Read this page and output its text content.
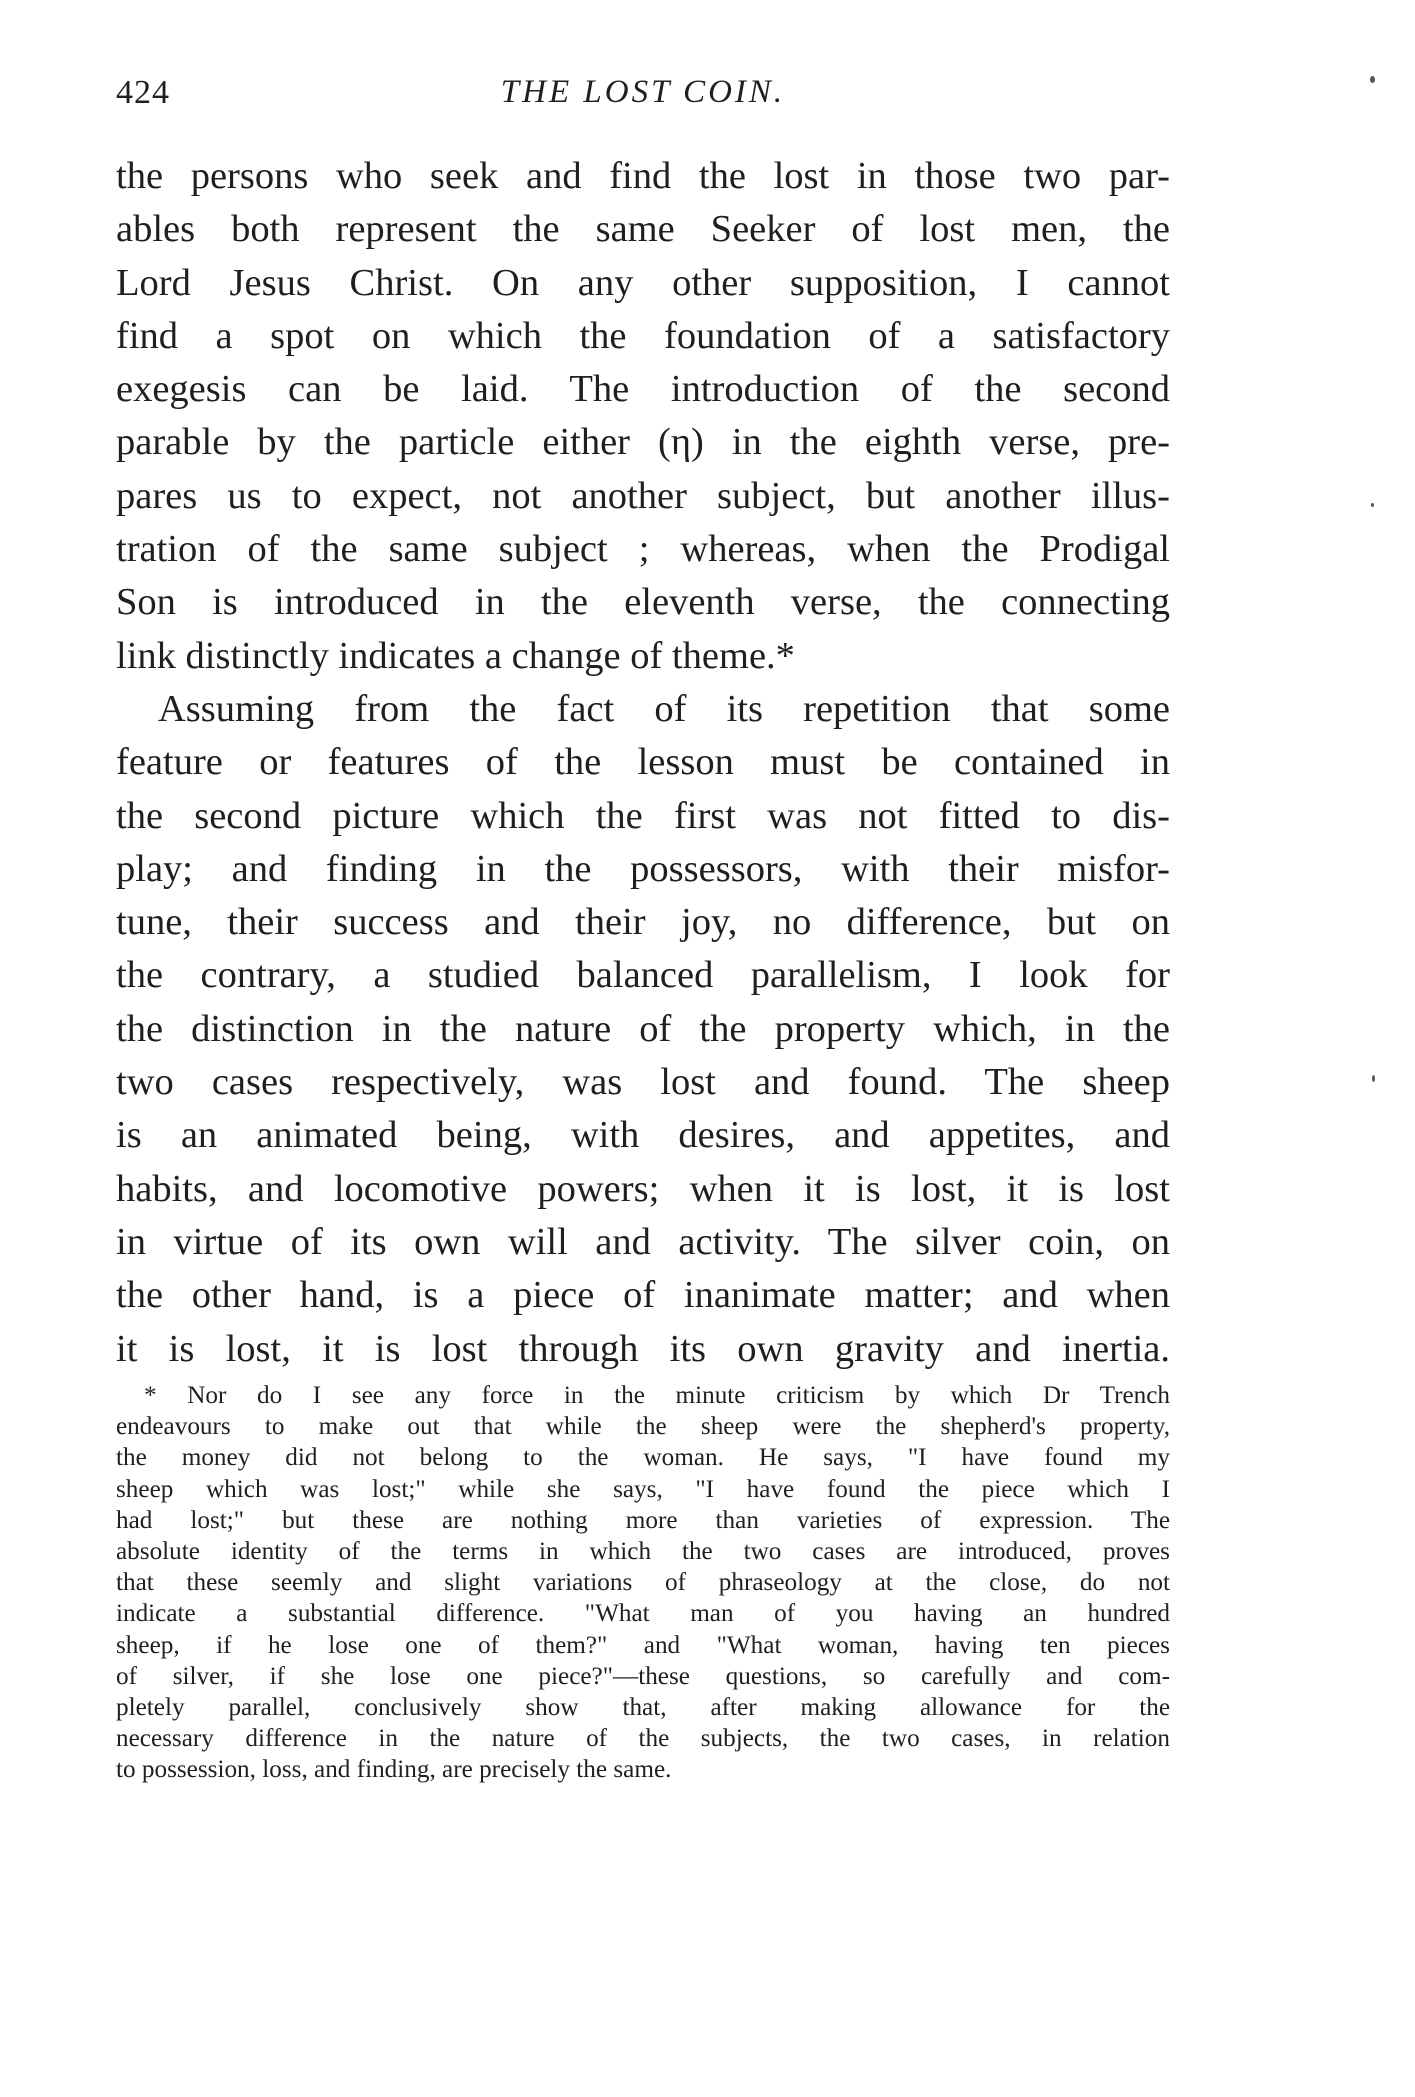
424	THE LOST COIN.
the persons who seek and find the lost in those two par-
ables both represent the same Seeker of lost men, the
Lord Jesus Christ. On any other supposition, I cannot
find a spot on which the foundation of a satisfactory
exegesis can be laid. The introduction of the second
parable by the particle either (η) in the eighth verse, pre-
pares us to expect, not another subject, but another illus-
tration of the same subject ; whereas, when the Prodigal
Son is introduced in the eleventh verse, the connecting
link distinctly indicates a change of theme.*
Assuming from the fact of its repetition that some
feature or features of the lesson must be contained in
the second picture which the first was not fitted to dis-
play; and finding in the possessors, with their misfor-
tune, their success and their joy, no difference, but on
the contrary, a studied balanced parallelism, I look for
the distinction in the nature of the property which, in the
two cases respectively, was lost and found. The sheep
is an animated being, with desires, and appetites, and
habits, and locomotive powers; when it is lost, it is lost
in virtue of its own will and activity. The silver coin, on
the other hand, is a piece of inanimate matter; and when
it is lost, it is lost through its own gravity and inertia.
* Nor do I see any force in the minute criticism by which Dr Trench
endeavours to make out that while the sheep were the shepherd's property,
the money did not belong to the woman. He says, "I have found my
sheep which was lost;" while she says, "I have found the piece which I
had lost;" but these are nothing more than varieties of expression. The
absolute identity of the terms in which the two cases are introduced, proves
that these seemly and slight variations of phraseology at the close, do not
indicate a substantial difference. "What man of you having an hundred
sheep, if he lose one of them?" and "What woman, having ten pieces
of silver, if she lose one piece?"—these questions, so carefully and com-
pletely parallel, conclusively show that, after making allowance for the
necessary difference in the nature of the subjects, the two cases, in relation
to possession, loss, and finding, are precisely the same.
